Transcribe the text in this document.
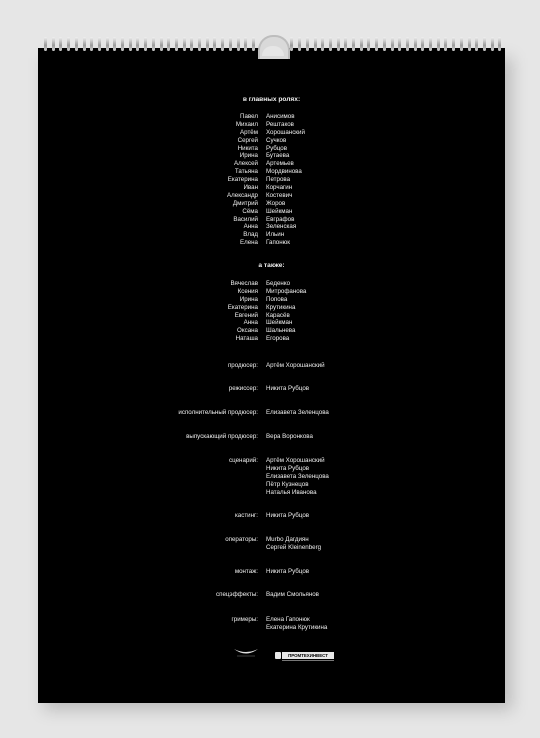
в главных ролях:
Павел	Анисимов
Михаил	Рештаков
Артём	Хорошанский
Сергей	Сучков
Никита	Рубцов
Ирина	Бутаева
Алексей	Артемьев
Татьяна	Мордвинова
Екатерина	Петрова
Иван	Корчагин
Александр	Костевич
Дмитрий	Жоров
Сёма	Шейкман
Василий	Евграфов
Анна	Зеленская
Влад	Ильин
Елена	Гапонюк
а также:
Вячеслав	Беденко
Ксения	Митрофанова
Ирина	Попова
Екатерина	Крутикина
Евгений	Карасёв
Анна	Шейкман
Оксана	Шальнева
Наташа	Егорова
продюсер:	Артём Хорошанский
режиссер:	Никита Рубцов
исполнительный продюсер:	Елизавета Зеленцова
выпускающий продюсер:	Вера Воронкова
сценарий:	Артём Хорошанский
Никита Рубцов
Елизавета Зеленцова
Пётр Кузнецов
Наталья Иванова
кастинг:	Никита Рубцов
операторы:	Murbo Дагдиян
Сергей Kleinenberg
монтаж:	Никита Рубцов
спецэффекты:	Вадим Смольянов
гримеры:	Елена Гапонюк
Екатерина Крутикина
ПРОМТЕХИНВЕСТ
